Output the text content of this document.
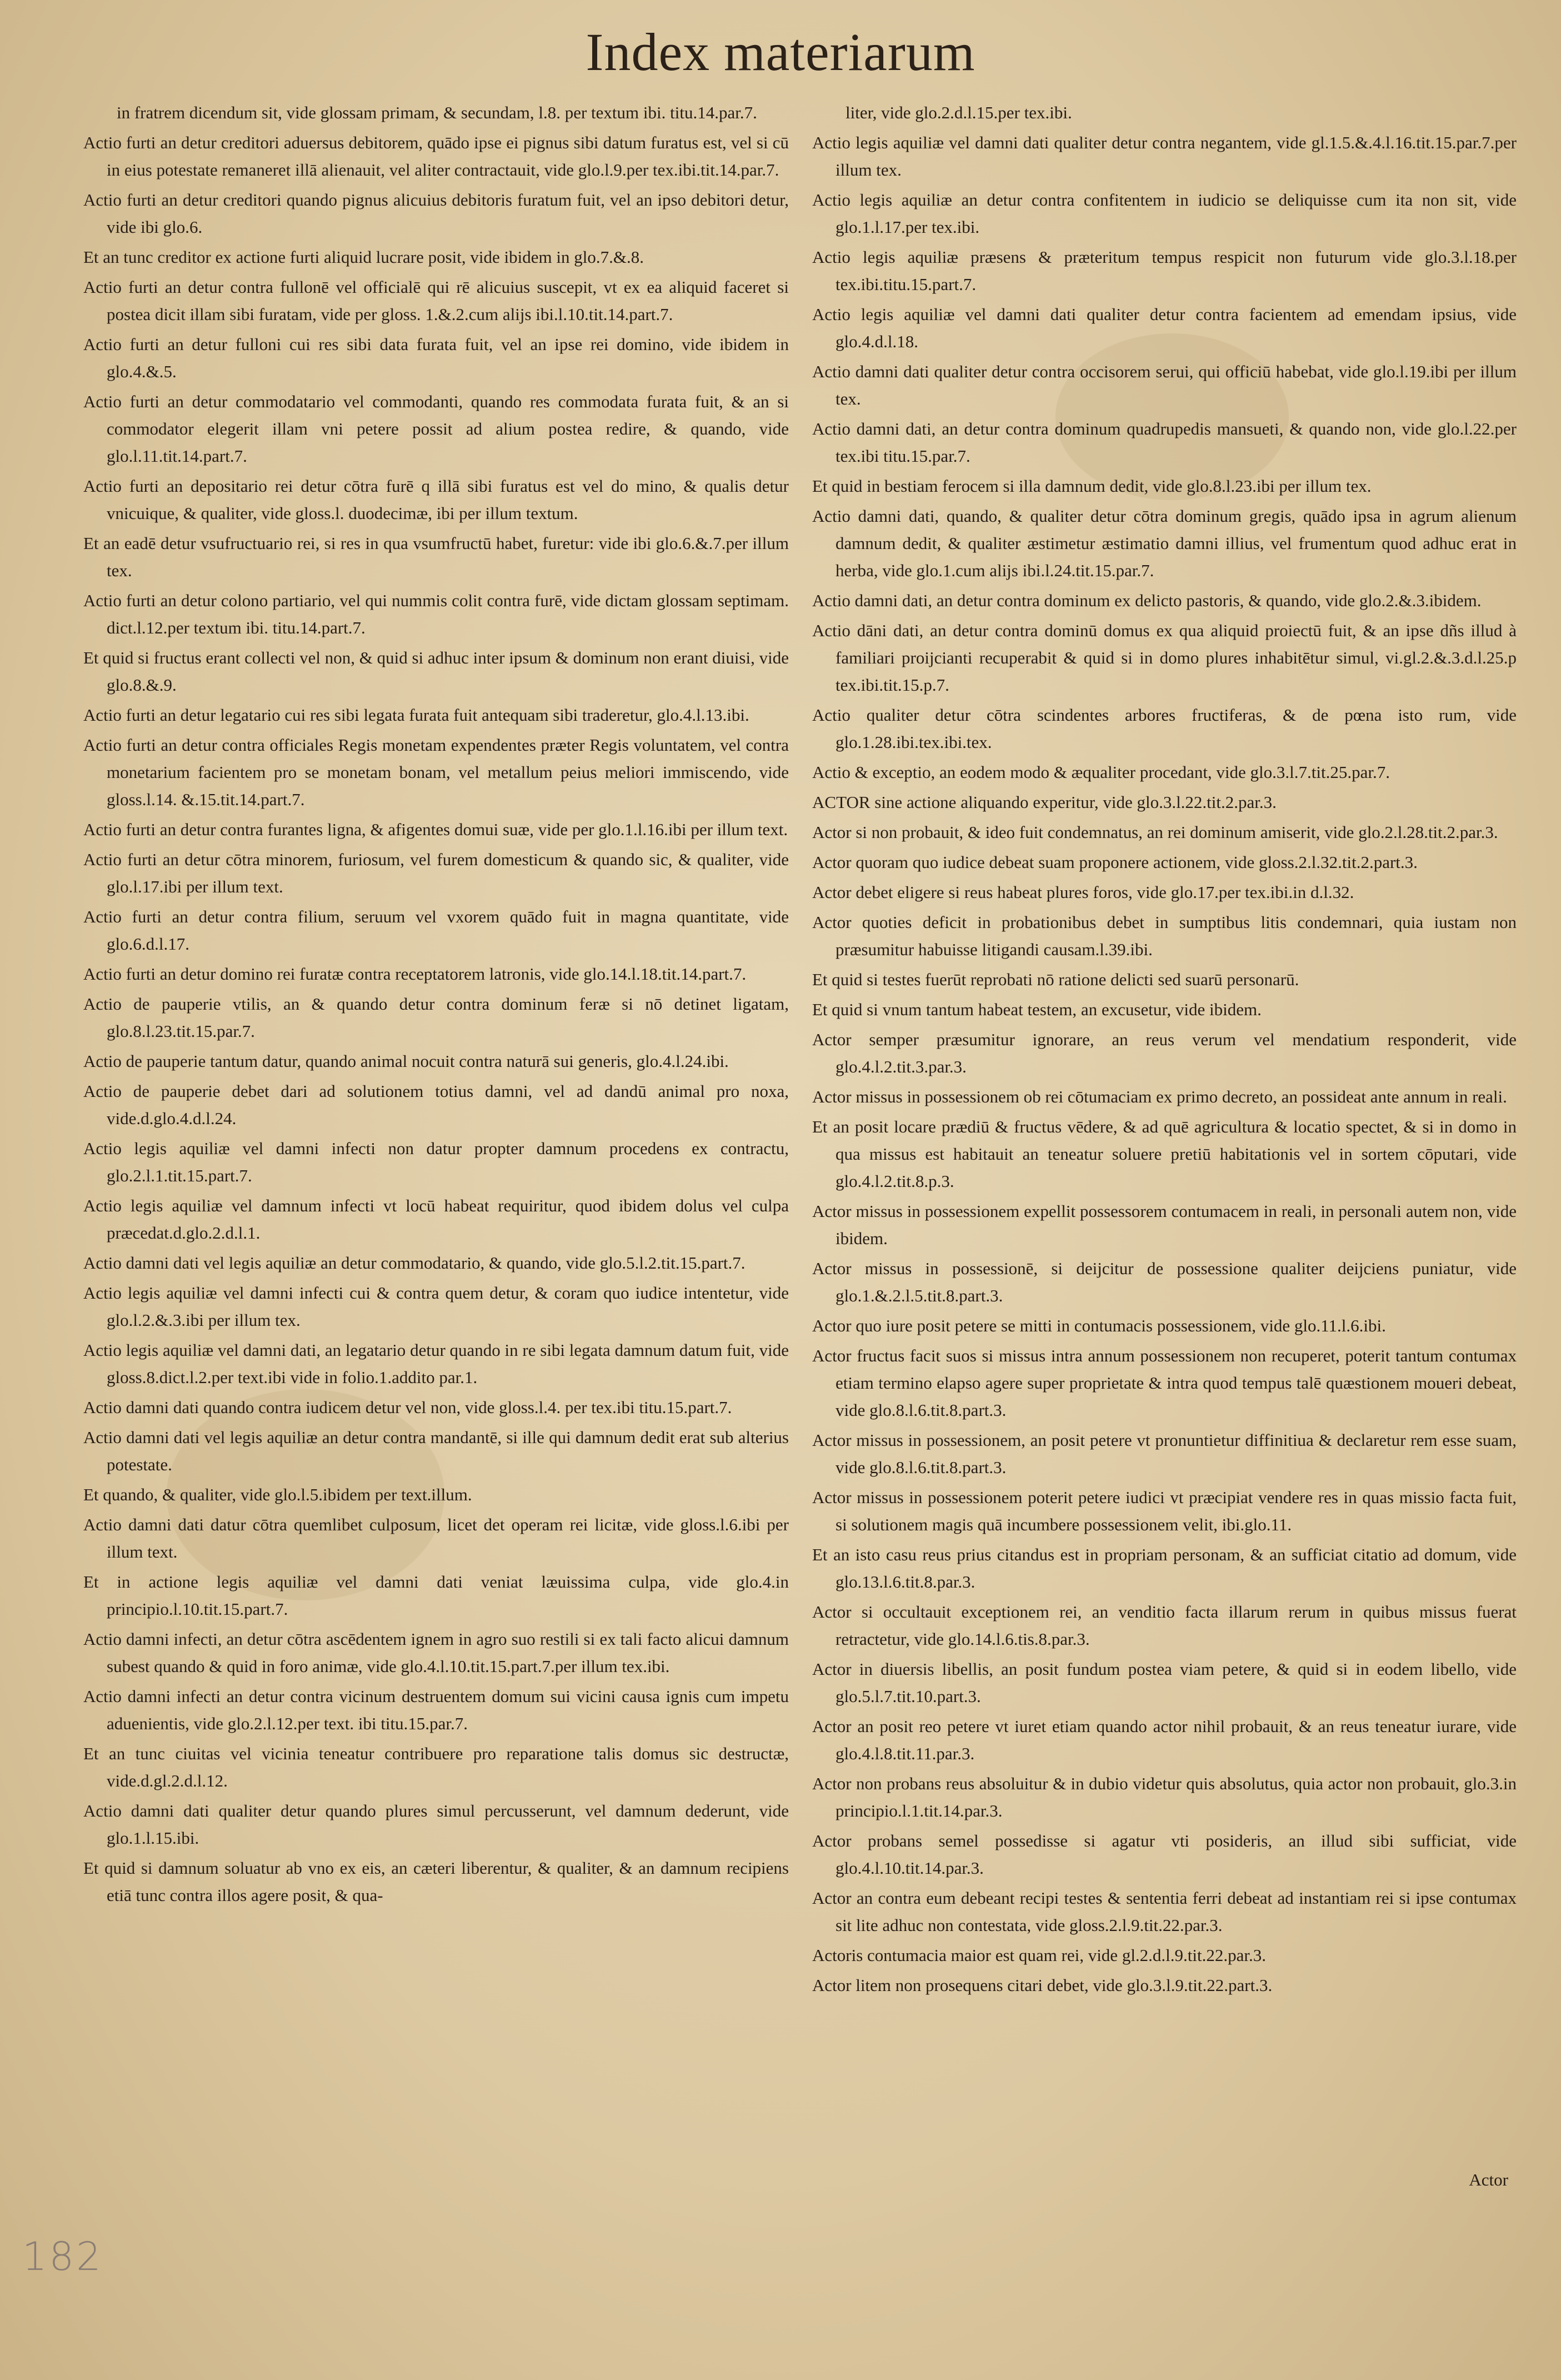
Index materiarum

in fratrem dicendum sit, vide glossam primam, & secundam, l.8. per textum ibi. titu.14.par.7.

Actio furti an detur creditori aduersus debitorem, quādo ipse ei pignus sibi datum furatus est, vel si cū in eius potestate remaneret illā alienauit, vel aliter contractauit, vide glo.l.9.per tex.ibi.tit.14.par.7.

Actio furti an detur creditori quando pignus alicuius debitoris furatum fuit, vel an ipso debitori detur, vide ibi glo.6.

Et an tunc creditor ex actione furti aliquid lucrare posit, vide ibidem in glo.7.&.8.

Actio furti an detur contra fullonē vel officialē qui rē alicuius suscepit, vt ex ea aliquid faceret si postea dicit illam sibi furatam, vide per gloss. 1.&.2.cum alijs ibi.l.10.tit.14.part.7.

Actio furti an detur fulloni cui res sibi data furata fuit, vel an ipse rei domino, vide ibidem in glo.4.&.5.

Actio furti an detur commodatario vel commodanti, quando res commodata furata fuit, & an si commodator elegerit illam vni petere possit ad alium postea redire, & quando, vide glo.l.11.tit.14.part.7.

Actio furti an depositario rei detur cōtra furē q illā sibi furatus est vel do mino, & qualis detur vnicuique, & qualiter, vide gloss.l. duodecimæ, ibi per illum textum.

Et an eadē detur vsufructuario rei, si res in qua vsumfructū habet, furetur: vide ibi glo.6.&.7.per illum tex.

Actio furti an detur colono partiario, vel qui nummis colit contra furē, vide dictam glossam septimam. dict.l.12.per textum ibi. titu.14.part.7.

Et quid si fructus erant collecti vel non, & quid si adhuc inter ipsum & dominum non erant diuisi, vide glo.8.&.9.

Actio furti an detur legatario cui res sibi legata furata fuit antequam sibi traderetur, glo.4.l.13.ibi.

Actio furti an detur contra officiales Regis monetam expendentes præter Regis voluntatem, vel contra monetarium facientem pro se monetam bonam, vel metallum peius meliori immiscendo, vide gloss.l.14. &.15.tit.14.part.7.

Actio furti an detur contra furantes ligna, & afigentes domui suæ, vide per glo.1.l.16.ibi per illum text.

Actio furti an detur cōtra minorem, furiosum, vel furem domesticum & quando sic, & qualiter, vide glo.l.17.ibi per illum text.

Actio furti an detur contra filium, seruum vel vxorem quādo fuit in magna quantitate, vide glo.6.d.l.17.

Actio furti an detur domino rei furatæ contra receptatorem latronis, vide glo.14.l.18.tit.14.part.7.

Actio de pauperie vtilis, an & quando detur contra dominum feræ si nō detinet ligatam, glo.8.l.23.tit.15.par.7.

Actio de pauperie tantum datur, quando animal nocuit contra naturā sui generis, glo.4.l.24.ibi.

Actio de pauperie debet dari ad solutionem totius damni, vel ad dandū animal pro noxa, vide.d.glo.4.d.l.24.

Actio legis aquiliæ vel damni infecti non datur propter damnum procedens ex contractu, glo.2.l.1.tit.15.part.7.

Actio legis aquiliæ vel damnum infecti vt locū habeat requiritur, quod ibidem dolus vel culpa præcedat.d.glo.2.d.l.1.

Actio damni dati vel legis aquiliæ an detur commodatario, & quando, vide glo.5.l.2.tit.15.part.7.

Actio legis aquiliæ vel damni infecti cui & contra quem detur, & coram quo iudice intentetur, vide glo.l.2.&.3.ibi per illum tex.

Actio legis aquiliæ vel damni dati, an legatario detur quando in re sibi legata damnum datum fuit, vide gloss.8.dict.l.2.per text.ibi vide in folio.1.addito par.1.

Actio damni dati quando contra iudicem detur vel non, vide gloss.l.4. per tex.ibi titu.15.part.7.

Actio damni dati vel legis aquiliæ an detur contra mandantē, si ille qui damnum dedit erat sub alterius potestate.

Et quando, & qualiter, vide glo.l.5.ibidem per text.illum.

Actio damni dati datur cōtra quemlibet culposum, licet det operam rei licitæ, vide gloss.l.6.ibi per illum text.

Et in actione legis aquiliæ vel damni dati veniat læuissima culpa, vide glo.4.in principio.l.10.tit.15.part.7.

Actio damni infecti, an detur cōtra ascēdentem ignem in agro suo restili si ex tali facto alicui damnum subest quando & quid in foro animæ, vide glo.4.l.10.tit.15.part.7.per illum tex.ibi.

Actio damni infecti an detur contra vicinum destruentem domum sui vicini causa ignis cum impetu aduenientis, vide glo.2.l.12.per text. ibi titu.15.par.7.

Et an tunc ciuitas vel vicinia teneatur contribuere pro reparatione talis domus sic destructæ, vide.d.gl.2.d.l.12.

Actio damni dati qualiter detur quando plures simul percusserunt, vel damnum dederunt, vide glo.1.l.15.ibi.

Et quid si damnum soluatur ab vno ex eis, an cæteri liberentur, & qualiter, & an damnum recipiens etiā tunc contra illos agere posit, & qua-

liter, vide glo.2.d.l.15.per tex.ibi.

Actio legis aquiliæ vel damni dati qualiter detur contra negantem, vide gl.1.5.&.4.l.16.tit.15.par.7.per illum tex.

Actio legis aquiliæ an detur contra confitentem in iudicio se deliquisse cum ita non sit, vide glo.1.l.17.per tex.ibi.

Actio legis aquiliæ præsens & præteritum tempus respicit non futurum vide glo.3.l.18.per tex.ibi.titu.15.part.7.

Actio legis aquiliæ vel damni dati qualiter detur contra facientem ad emendam ipsius, vide glo.4.d.l.18.

Actio damni dati qualiter detur contra occisorem serui, qui officiū habebat, vide glo.l.19.ibi per illum tex.

Actio damni dati, an detur contra dominum quadrupedis mansueti, & quando non, vide glo.l.22.per tex.ibi titu.15.par.7.

Et quid in bestiam ferocem si illa damnum dedit, vide glo.8.l.23.ibi per illum tex.

Actio damni dati, quando, & qualiter detur cōtra dominum gregis, quādo ipsa in agrum alienum damnum dedit, & qualiter æstimetur æstimatio damni illius, vel frumentum quod adhuc erat in herba, vide glo.1.cum alijs ibi.l.24.tit.15.par.7.

Actio damni dati, an detur contra dominum ex delicto pastoris, & quando, vide glo.2.&.3.ibidem.

Actio dāni dati, an detur contra dominū domus ex qua aliquid proiectū fuit, & an ipse dñs illud à familiari proijcianti recuperabit & quid si in domo plures inhabitētur simul, vi.gl.2.&.3.d.l.25.p tex.ibi.tit.15.p.7.

Actio qualiter detur cōtra scindentes arbores fructiferas, & de pœna isto rum, vide glo.1.28.ibi.tex.ibi.tex.

Actio & exceptio, an eodem modo & æqualiter procedant, vide glo.3.l.7.tit.25.par.7.

ACTOR sine actione aliquando experitur, vide glo.3.l.22.tit.2.par.3.

Actor si non probauit, & ideo fuit condemnatus, an rei dominum amiserit, vide glo.2.l.28.tit.2.par.3.

Actor quoram quo iudice debeat suam proponere actionem, vide gloss.2.l.32.tit.2.part.3.

Actor debet eligere si reus habeat plures foros, vide glo.17.per tex.ibi.in d.l.32.

Actor quoties deficit in probationibus debet in sumptibus litis condemnari, quia iustam non præsumitur habuisse litigandi causam.l.39.ibi.

Et quid si testes fuerūt reprobati nō ratione delicti sed suarū personarū.

Et quid si vnum tantum habeat testem, an excusetur, vide ibidem.

Actor semper præsumitur ignorare, an reus verum vel mendatium responderit, vide glo.4.l.2.tit.3.par.3.

Actor missus in possessionem ob rei cōtumaciam ex primo decreto, an possideat ante annum in reali.

Et an posit locare prædiū & fructus vēdere, & ad quē agricultura & locatio spectet, & si in domo in qua missus est habitauit an teneatur soluere pretiū habitationis vel in sortem cōputari, vide glo.4.l.2.tit.8.p.3.

Actor missus in possessionem expellit possessorem contumacem in reali, in personali autem non, vide ibidem.

Actor missus in possessionē, si deijcitur de possessione qualiter deijciens puniatur, vide glo.1.&.2.l.5.tit.8.part.3.

Actor quo iure posit petere se mitti in contumacis possessionem, vide glo.11.l.6.ibi.

Actor fructus facit suos si missus intra annum possessionem non recuperet, poterit tantum contumax etiam termino elapso agere super proprietate & intra quod tempus talē quæstionem moueri debeat, vide glo.8.l.6.tit.8.part.3.

Actor missus in possessionem, an posit petere vt pronuntietur diffinitiua & declaretur rem esse suam, vide glo.8.l.6.tit.8.part.3.

Actor missus in possessionem poterit petere iudici vt præcipiat vendere res in quas missio facta fuit, si solutionem magis quā incumbere possessionem velit, ibi.glo.11.

Et an isto casu reus prius citandus est in propriam personam, & an sufficiat citatio ad domum, vide glo.13.l.6.tit.8.par.3.

Actor si occultauit exceptionem rei, an venditio facta illarum rerum in quibus missus fuerat retractetur, vide glo.14.l.6.tis.8.par.3.

Actor in diuersis libellis, an posit fundum postea viam petere, & quid si in eodem libello, vide glo.5.l.7.tit.10.part.3.

Actor an posit reo petere vt iuret etiam quando actor nihil probauit, & an reus teneatur iurare, vide glo.4.l.8.tit.11.par.3.

Actor non probans reus absoluitur & in dubio videtur quis absolutus, quia actor non probauit, glo.3.in principio.l.1.tit.14.par.3.

Actor probans semel possedisse si agatur vti posideris, an illud sibi sufficiat, vide glo.4.l.10.tit.14.par.3.

Actor an contra eum debeant recipi testes & sententia ferri debeat ad instantiam rei si ipse contumax sit lite adhuc non contestata, vide gloss.2.l.9.tit.22.par.3.

Actoris contumacia maior est quam rei, vide gl.2.d.l.9.tit.22.par.3.

Actor litem non prosequens citari debet, vide glo.3.l.9.tit.22.part.3.

Actor
182
